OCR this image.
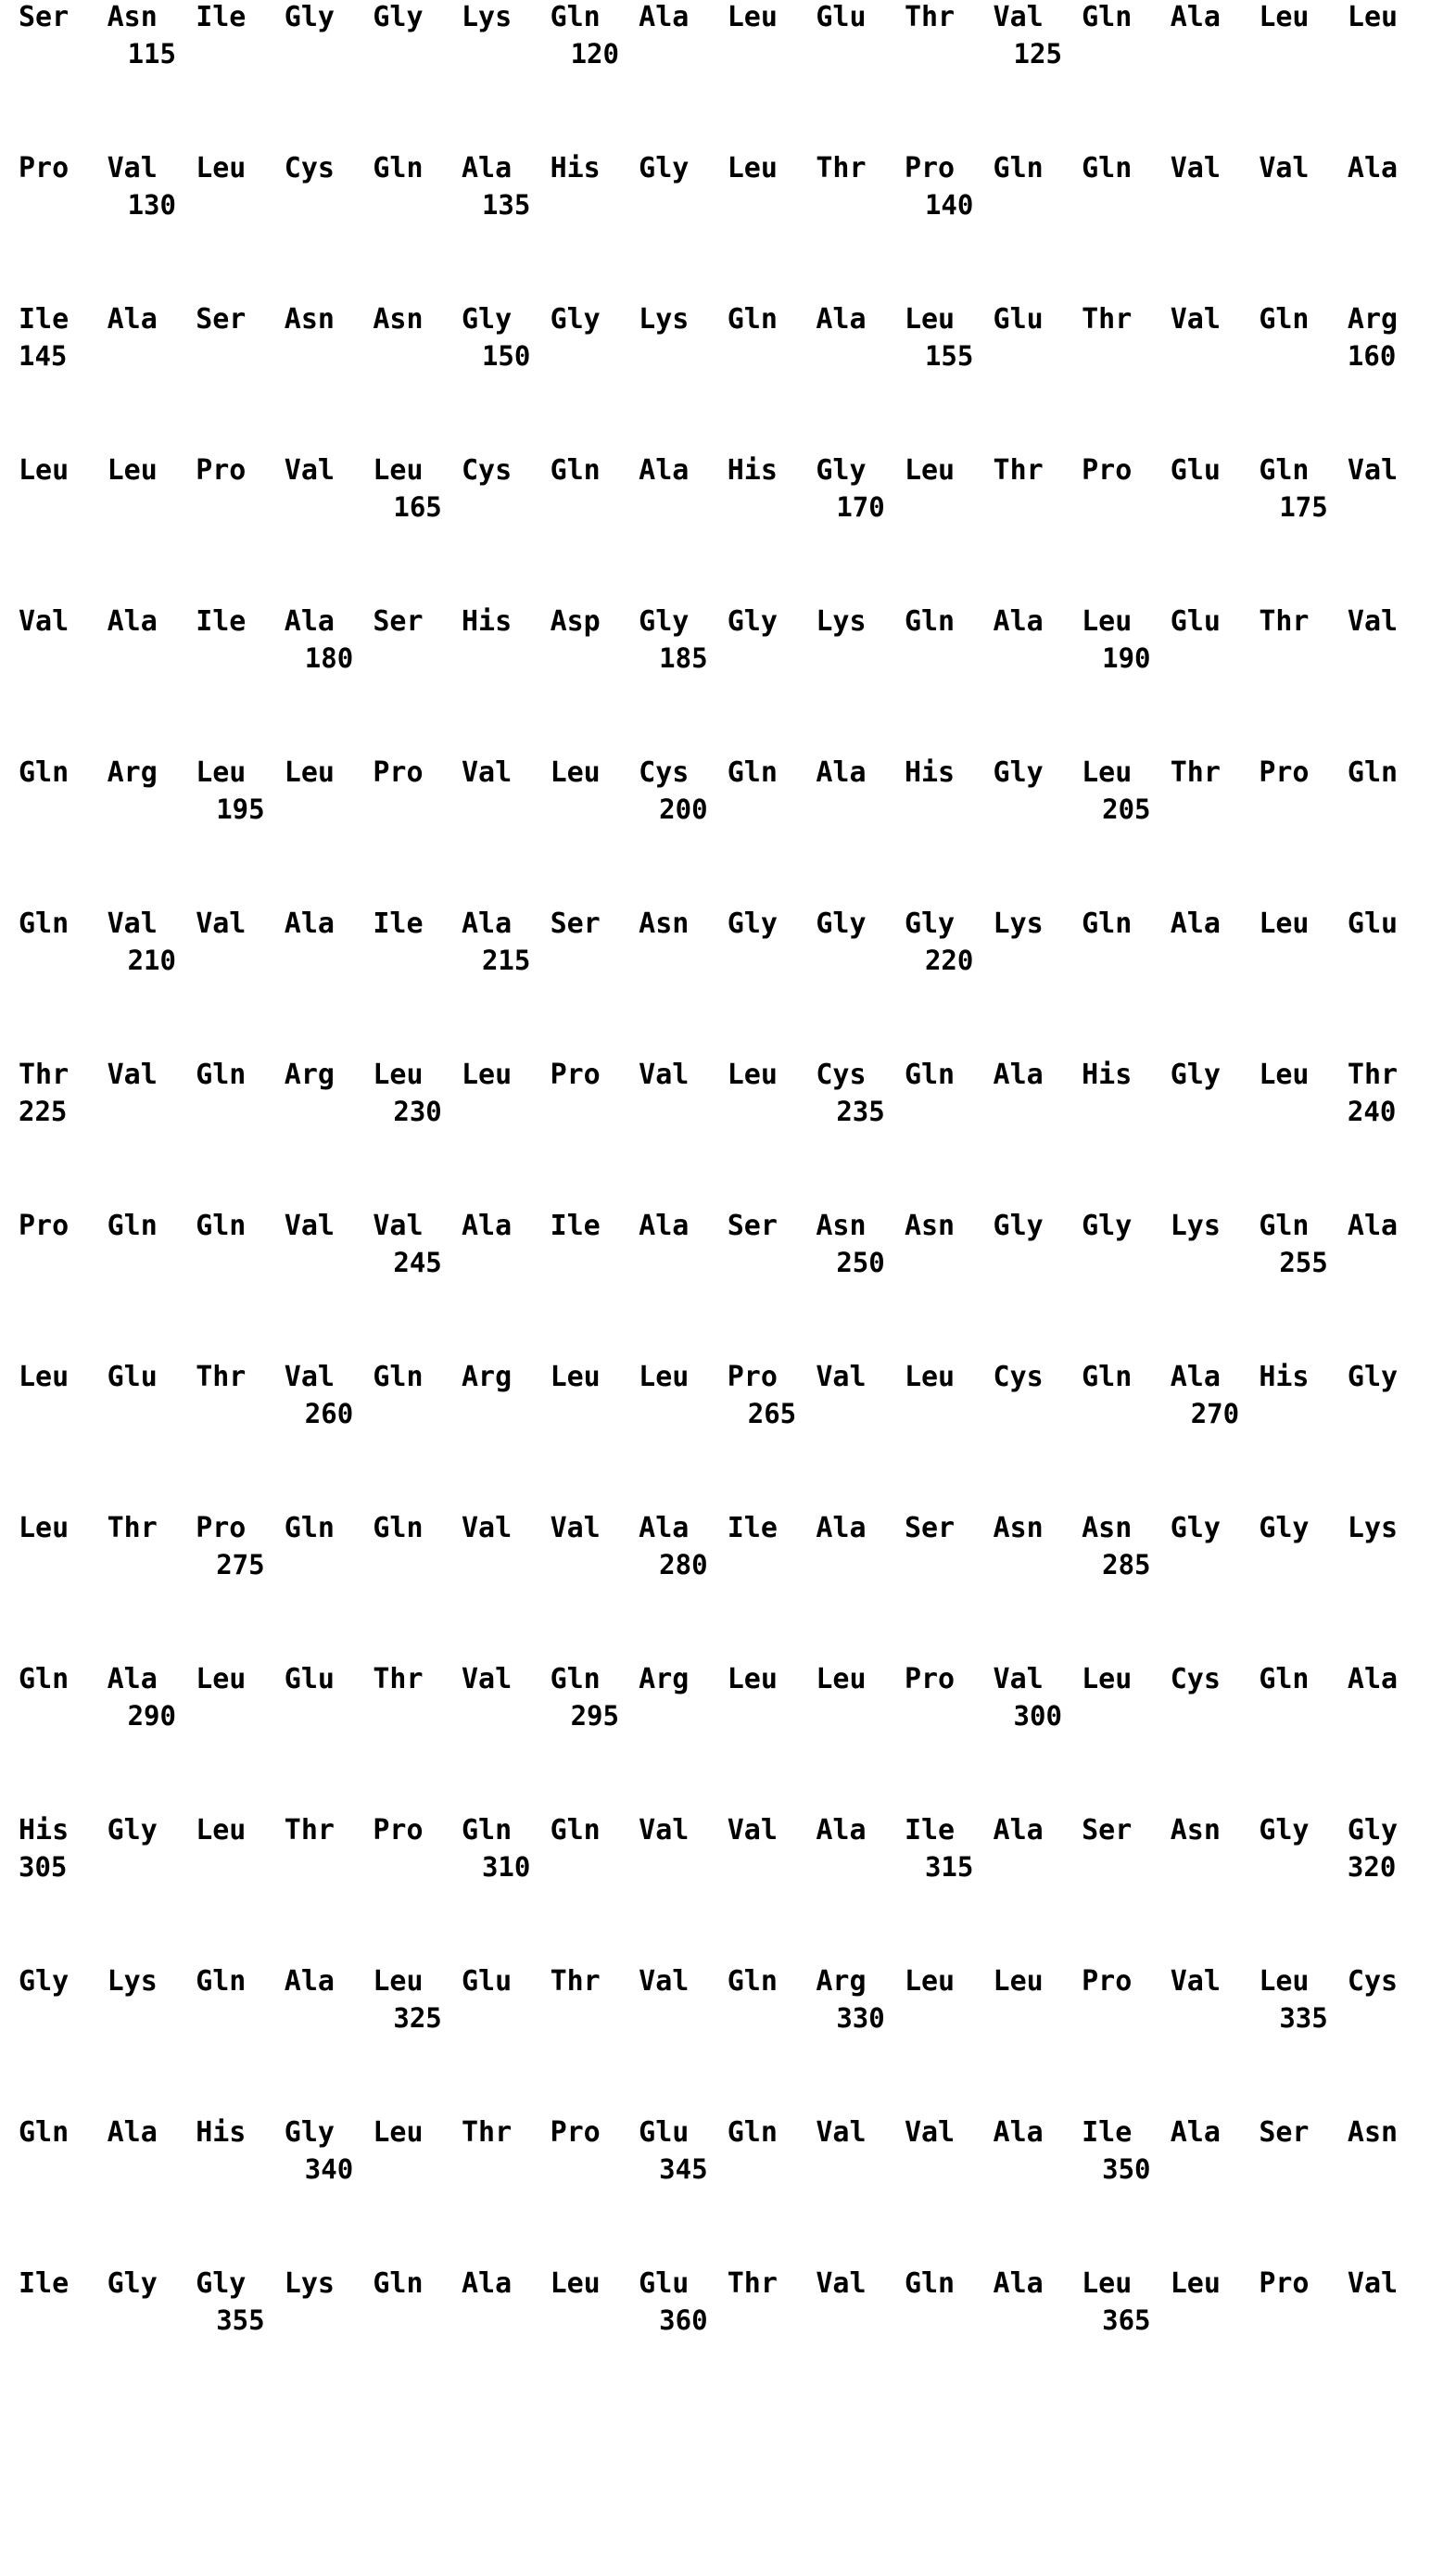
Ser	Asn	Ile	Gly	Gly	Lys	Gln	Ala	Leu	Glu	Thr	Val	Gln	Ala	Leu	Leu
115	120	125
Pro	Val	Leu	Cys	Gln	Ala	His	Gly	Leu	Thr	Pro	Gln	Gln	Val	Val	Ala
130	135	140
Ile	Ala	Ser	Asn	Asn	Gly	Gly	Lys	Gln	Ala	Leu	Glu	Thr	Val	Gln	Arg
145	150	155	160
Leu	Leu	Pro	Val	Leu	Cys	Gln	Ala	His	Gly	Leu	Thr	Pro	Glu	Gln	Val
165	170	175
Val	Ala	Ile	Ala	Ser	His	Asp	Gly	Gly	Lys	Gln	Ala	Leu	Glu	Thr	Val
180	185	190
Gln	Arg	Leu	Leu	Pro	Val	Leu	Cys	Gln	Ala	His	Gly	Leu	Thr	Pro	Gln
195	200	205
Gln	Val	Val	Ala	Ile	Ala	Ser	Asn	Gly	Gly	Gly	Lys	Gln	Ala	Leu	Glu
210	215	220
Thr	Val	Gln	Arg	Leu	Leu	Pro	Val	Leu	Cys	Gln	Ala	His	Gly	Leu	Thr
225	230	235	240
Pro	Gln	Gln	Val	Val	Ala	Ile	Ala	Ser	Asn	Asn	Gly	Gly	Lys	Gln	Ala
245	250	255
Leu	Glu	Thr	Val	Gln	Arg	Leu	Leu	Pro	Val	Leu	Cys	Gln	Ala	His	Gly
260	265	270
Leu	Thr	Pro	Gln	Gln	Val	Val	Ala	Ile	Ala	Ser	Asn	Asn	Gly	Gly	Lys
275	280	285
Gln	Ala	Leu	Glu	Thr	Val	Gln	Arg	Leu	Leu	Pro	Val	Leu	Cys	Gln	Ala
290	295	300
His	Gly	Leu	Thr	Pro	Gln	Gln	Val	Val	Ala	Ile	Ala	Ser	Asn	Gly	Gly
305	310	315	320
Gly	Lys	Gln	Ala	Leu	Glu	Thr	Val	Gln	Arg	Leu	Leu	Pro	Val	Leu	Cys
325	330	335
Gln	Ala	His	Gly	Leu	Thr	Pro	Glu	Gln	Val	Val	Ala	Ile	Ala	Ser	Asn
340	345	350
Ile	Gly	Gly	Lys	Gln	Ala	Leu	Glu	Thr	Val	Gln	Ala	Leu	Leu	Pro	Val
355	360	365
